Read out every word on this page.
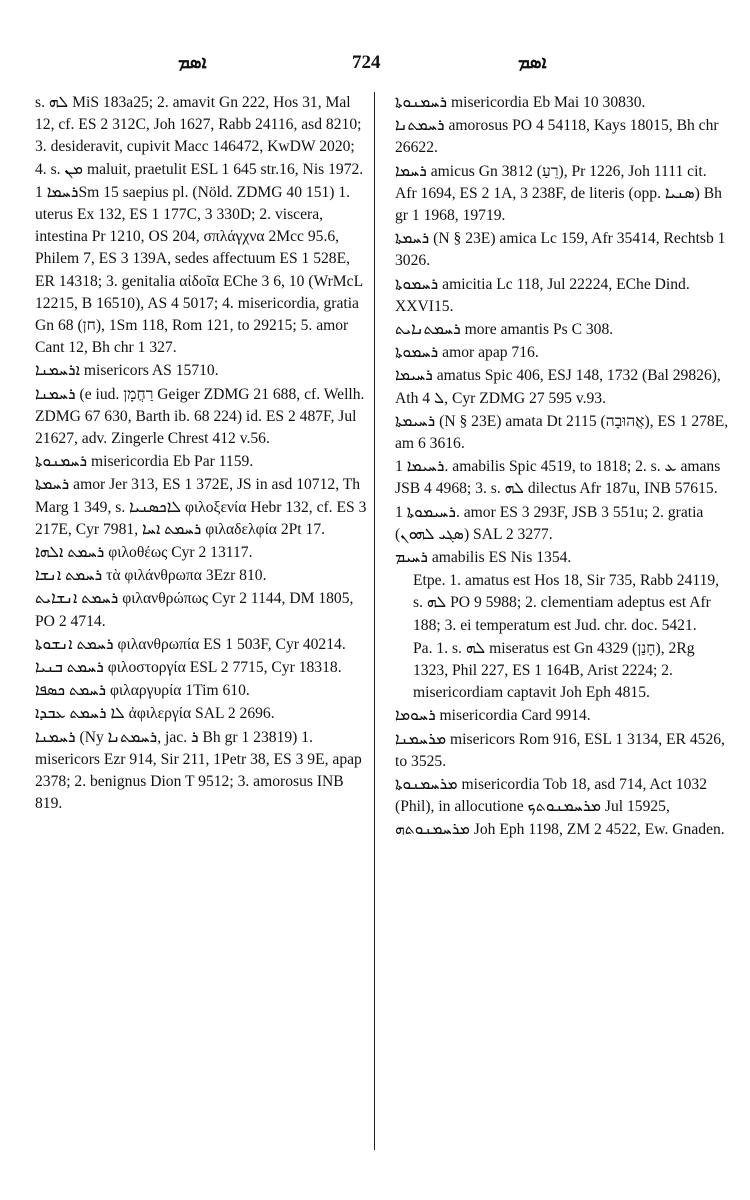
ܐܣܡ	724	ܐܣܡ

s. ܠܗ MiS 183a25; 2. amavit Gn 222, Hos 31, Mal 12, cf. ES 2 312C, Joh 1627, Rabb 24116, asd 8210; 3. desideravit, cupivit Macc 146472, KwDW 2020; 4. s. ܡܢ maluit, praetulit ESL 1 645 str.16, Nis 1972.

ܪܚܡܐ 1Sm 15 saepius pl. (Nöld. ZDMG 40 151) 1. uterus Ex 132, ES 1 177C, 3 330D; 2. viscera, intestina Pr 1210, OS 204, σπλάγχνα 2Mcc 95.6, Philem 7, ES 3 139A, sedes affectuum ES 1 528E, ER 14318; 3. genitalia αἰδοῖα EChe 3 6, 10 (WrMcL 12215, B 16510), AS 4 5017; 4. misericordia, gratia Gn 68 (חן), 1Sm 118, Rom 121, to 29215; 5. amor Cant 12, Bh chr 1 327.

ܐܪܚܡܢܐ misericors AS 15710.

ܪܚܡܢܐ (e iud. רַחֲמָן Geiger ZDMG 21 688, cf. Wellh. ZDMG 67 630, Barth ib. 68 224) id. ES 2 487F, Jul 21627, adv. Zingerle Chrest 412 v.56.

ܪܚܡܢܘܬܐ misericordia Eb Par 1159.

ܪܚܡܬܐ amor Jer 313, ES 1 372E, JS in asd 10712, Th Marg 1 349, s. ܠܐܟܣܢܝܐ φιλοξενία Hebr 132, cf. ES 3 217E, Cyr 7981, ܪܚܡܬ ܐܚܐ φιλαδελφία 2Pt 17.

ܪܚܡܬ ܐܠܗܐ φιλοθέως Cyr 2 13117.

ܪܚܡܬ ܐܢܫܐ τὰ φιλάνθρωπα 3Ezr 810.

ܪܚܡܬ ܐܢܫܐܝܬ φιλανθρώπως Cyr 2 1144, DM 1805, PO 2 4714.

ܪܚܡܬ ܐܢܫܘܬܐ φιλανθρωπία ES 1 503F, Cyr 40214.

ܪܚܡܬ ܒܢܝܐ φιλοστοργία ESL 2 7715, Cyr 18318.

ܪܚܡܬ ܟܣܦܐ φιλαργυρία 1Tim 610.

ܠܐ ܪܚܡܬ ܥܒܕܐ ἀφιλεργία SAL 2 2696.

ܪܚܡܢܐ (Ny ܪܚܡܬܢܐ, jac. ܪ Bh gr 1 23819) 1. misericors Ezr 914, Sir 211, 1Petr 38, ES 3 9E, apap 2378; 2. benignus Dion T 9512; 3. amorosus INB 819.

ܪܚܡܢܘܬܐ misericordia Eb Mai 10 30830.

ܪܚܡܬܢܐ amorosus PO 4 54118, Kays 18015, Bh chr 26622.

ܪܚܡܐ amicus Gn 3812 (רֵעַ), Pr 1226, Joh 1111 cit. Afr 1694, ES 2 1A, 3 238F, de literis (opp. ܣܢܝܐ) Bh gr 1 1968, 19719.

ܪܚܡܬܐ (N § 23E) amica Lc 159, Afr 35414, Rechtsb 1 3026.

ܪܚܡܘܬܐ amicitia Lc 118, Jul 22224, EChe Dind. XXVI15.

ܪܚܡܬܢܐܝܬ more amantis Ps C 308.

ܪܚܡܘܬܐ amor apap 716.

ܪܚܝܡܐ amatus Spic 406, ESJ 148, 1732 (Bal 29826), Ath ܠ 4, Cyr ZDMG 27 595 v.93.

ܪܚܝܡܬܐ (N § 23E) amata Dt 2115 (אֲהוּבָה), ES 1 278E, am 6 3616.

ܪܚܝܡܐ 1. amabilis Spic 4519, to 1818; 2. s. ܥ amans JSB 4 4968; 3. s. ܠܗ dilectus Afr 187u, INB 57615.

ܪܚܝܡܘܬܐ 1. amor ES 3 293F, JSB 3 551u; 2. gratia (ܣܓܝ ܠܗܘܢ) SAL 2 3277.

ܪܚܝܡ amabilis ES Nis 1354.

Etpe. 1. amatus est Hos 18, Sir 735, Rabb 24119, s. ܠܗ PO 9 5988; 2. clementiam adeptus est Afr 188; 3. ei temperatum est Jud. chr. doc. 5421.

Pa. 1. s. ܠܗ miseratus est Gn 4329 (חָנַן), 2Rg 1323, Phil 227, ES 1 164B, Arist 2224; 2. misericordiam captavit Joh Eph 4815.

ܪܚܘܡܐ misericordia Card 9914.

ܡܪܚܡܢܐ misericors Rom 916, ESL 1 3134, ER 4526, to 3525.

ܡܪܚܡܢܘܬܐ misericordia Tob 18, asd 714, Act 1032 (Phil), in allocutione ܡܪܚܡܢܘܬܟ Jul 15925, ܡܪܚܡܢܘܬܗ Joh Eph 1198, ZM 2 4522, Ew. Gnaden.
